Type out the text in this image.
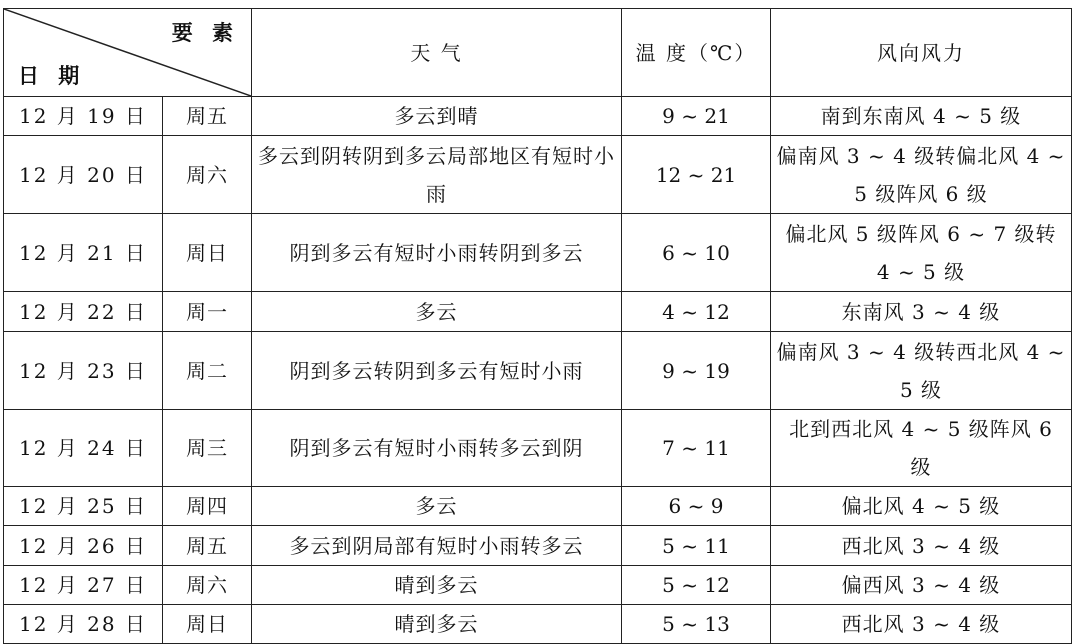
要 素
日 期		天 气	温 度（℃）	风向风力
12 月 19 日	周五	多云到晴	9 ~ 21	南到东南风 4 ~ 5 级
12 月 20 日	周六	多云到阴转阴到多云局部地区有短时小雨	12 ~ 21	偏南风 3 ~ 4 级转偏北风 4 ~ 5 级阵风 6 级
12 月 21 日	周日	阴到多云有短时小雨转阴到多云	6 ~ 10	偏北风 5 级阵风 6 ~ 7 级转 4 ~ 5 级
12 月 22 日	周一	多云	4 ~ 12	东南风 3 ~ 4 级
12 月 23 日	周二	阴到多云转阴到多云有短时小雨	9 ~ 19	偏南风 3 ~ 4 级转西北风 4 ~ 5 级
12 月 24 日	周三	阴到多云有短时小雨转多云到阴	7 ~ 11	北到西北风 4 ~ 5 级阵风 6 级
12 月 25 日	周四	多云	6 ~ 9	偏北风 4 ~ 5 级
12 月 26 日	周五	多云到阴局部有短时小雨转多云	5 ~ 11	西北风 3 ~ 4 级
12 月 27 日	周六	晴到多云	5 ~ 12	偏西风 3 ~ 4 级
12 月 28 日	周日	晴到多云	5 ~ 13	西北风 3 ~ 4 级
